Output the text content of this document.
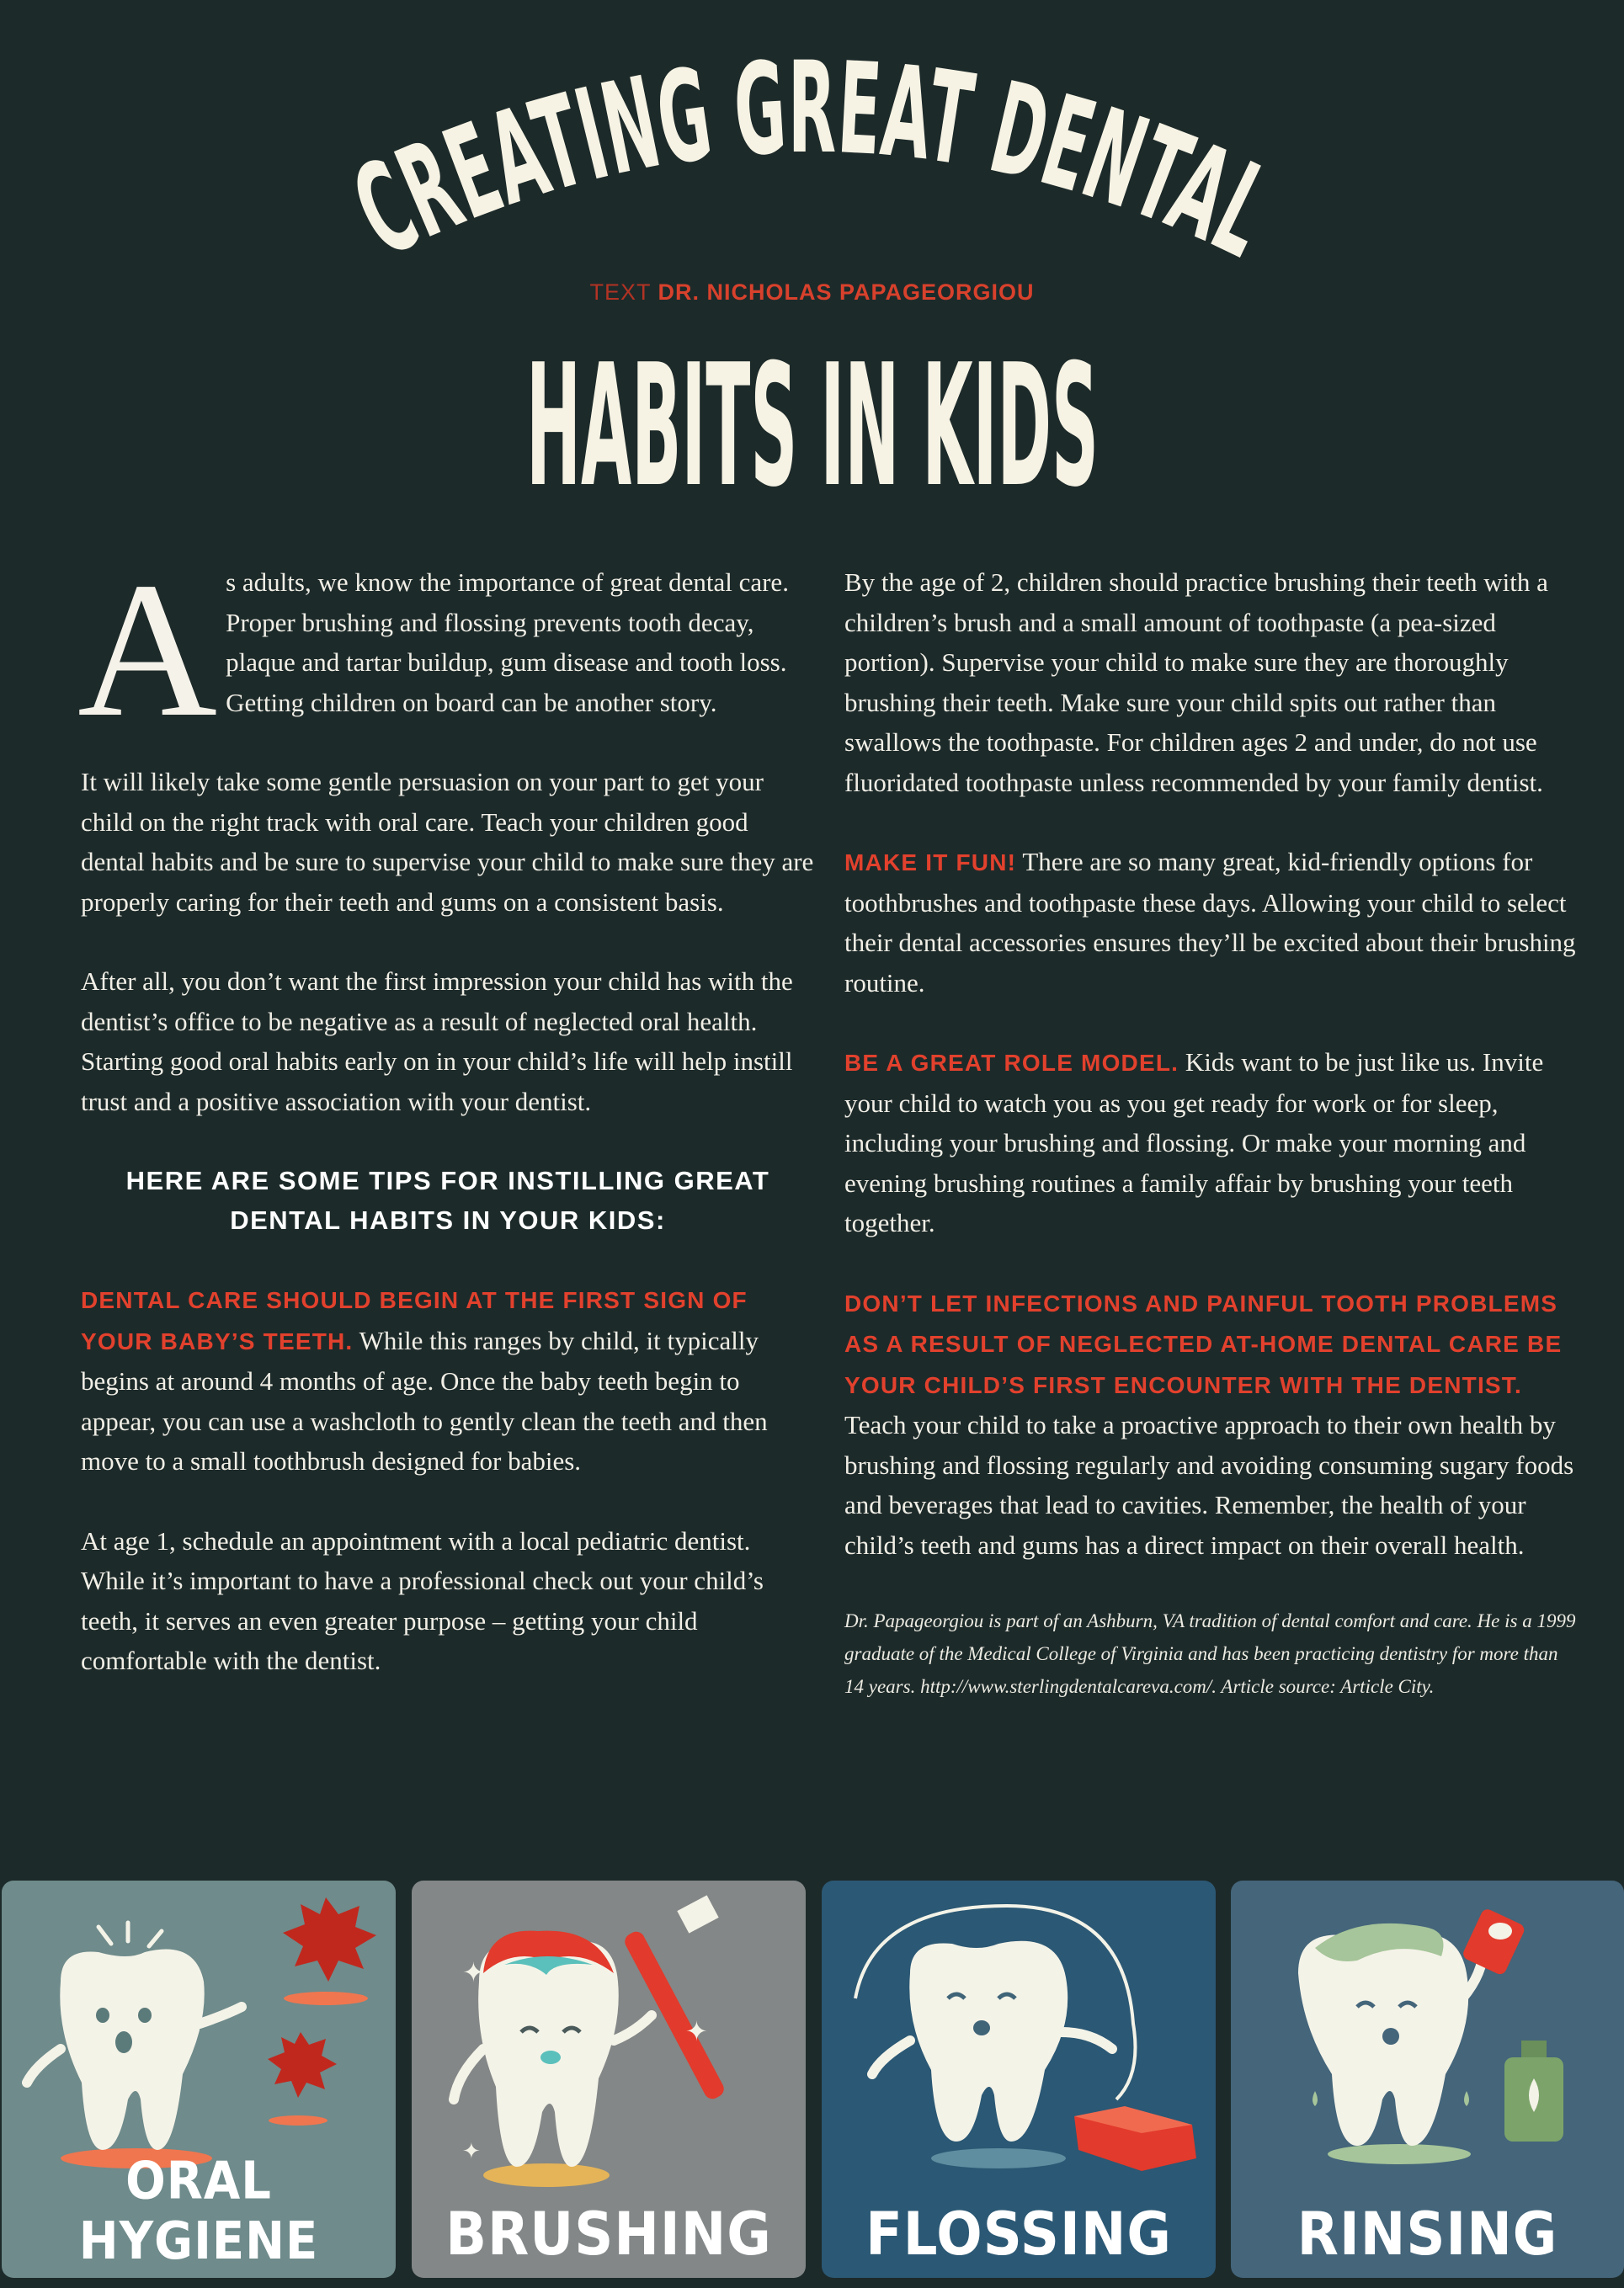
CREATING GREAT DENTAL
HABITS IN KIDS
TEXT DR. NICHOLAS PAPAGEORGIOU

As adults, we know the importance of great dental care. Proper brushing and flossing prevents tooth decay, plaque and tartar buildup, gum disease and tooth loss. Getting children on board can be another story.

It will likely take some gentle persuasion on your part to get your child on the right track with oral care. Teach your children good dental habits and be sure to supervise your child to make sure they are properly caring for their teeth and gums on a consistent basis.

After all, you don’t want the first impression your child has with the dentist’s office to be negative as a result of neglected oral health. Starting good oral habits early on in your child’s life will help instill trust and a positive association with your dentist.

HERE ARE SOME TIPS FOR INSTILLING GREAT DENTAL HABITS IN YOUR KIDS:

DENTAL CARE SHOULD BEGIN AT THE FIRST SIGN OF YOUR BABY’S TEETH. While this ranges by child, it typically begins at around 4 months of age. Once the baby teeth begin to appear, you can use a washcloth to gently clean the teeth and then move to a small toothbrush designed for babies.

At age 1, schedule an appointment with a local pediatric dentist. While it’s important to have a professional check out your child’s teeth, it serves an even greater purpose – getting your child comfortable with the dentist.

By the age of 2, children should practice brushing their teeth with a children’s brush and a small amount of toothpaste (a pea-sized portion). Supervise your child to make sure they are thoroughly brushing their teeth. Make sure your child spits out rather than swallows the toothpaste. For children ages 2 and under, do not use fluoridated toothpaste unless recommended by your family dentist.

MAKE IT FUN! There are so many great, kid-friendly options for toothbrushes and toothpaste these days. Allowing your child to select their dental accessories ensures they’ll be excited about their brushing routine.

BE A GREAT ROLE MODEL. Kids want to be just like us. Invite your child to watch you as you get ready for work or for sleep, including your brushing and flossing. Or make your morning and evening brushing routines a family affair by brushing your teeth together.

DON’T LET INFECTIONS AND PAINFUL TOOTH PROBLEMS AS A RESULT OF NEGLECTED AT-HOME DENTAL CARE BE YOUR CHILD’S FIRST ENCOUNTER WITH THE DENTIST. Teach your child to take a proactive approach to their own health by brushing and flossing regularly and avoiding consuming sugary foods and beverages that lead to cavities. Remember, the health of your child’s teeth and gums has a direct impact on their overall health.

Dr. Papageorgiou is part of an Ashburn, VA tradition of dental comfort and care. He is a 1999 graduate of the Medical College of Virginia and has been practicing dentistry for more than 14 years. http://www.sterlingdentalcareva.com/. Article source: Article City.

ORAL HYGIENE
✦
✦
✦
BRUSHING	FLOSSING	RINSING
